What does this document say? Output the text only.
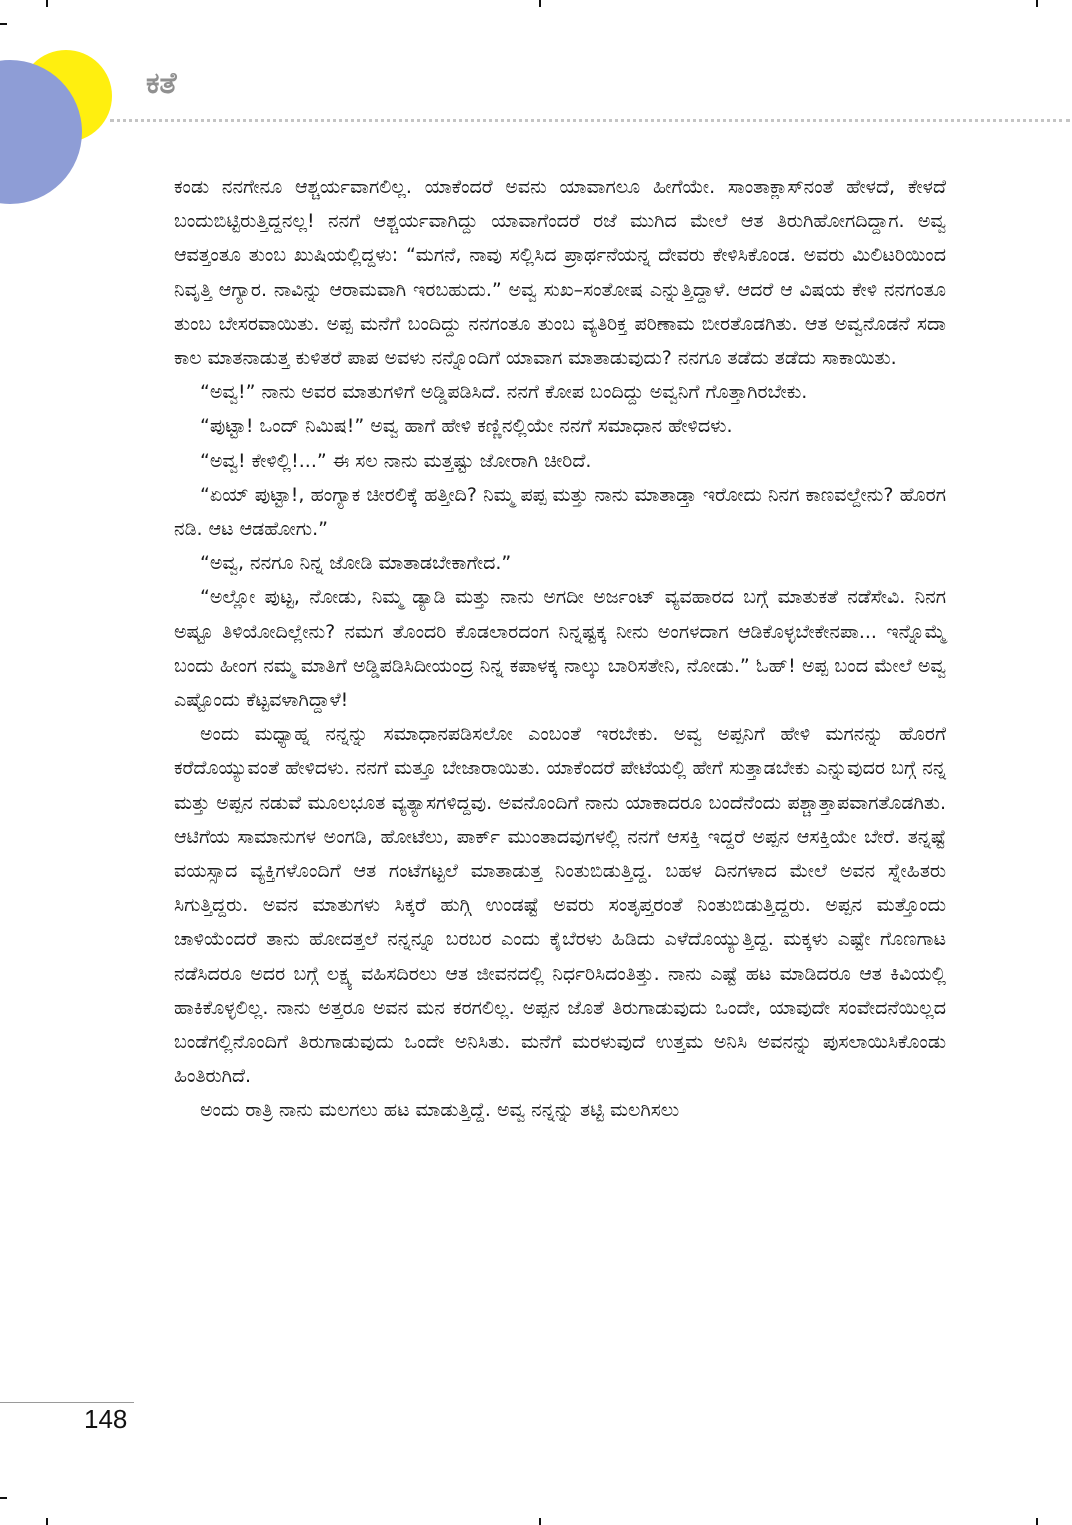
ಕತೆ

ಕಂಡು ನನಗೇನೂ ಆಶ್ಚರ್ಯವಾಗಲಿಲ್ಲ. ಯಾಕೆಂದರೆ ಅವನು ಯಾವಾಗಲೂ ಹೀಗೆಯೇ. ಸಾಂತಾಕ್ಲಾಸ್‌ನಂತೆ ಹೇಳದೆ, ಕೇಳದೆ ಬಂದುಬಿಟ್ಟಿರುತ್ತಿದ್ದನಲ್ಲ! ನನಗೆ ಆಶ್ಚರ್ಯವಾಗಿದ್ದು ಯಾವಾಗೆಂದರೆ ರಜೆ ಮುಗಿದ ಮೇಲೆ ಆತ ತಿರುಗಿಹೋಗದಿದ್ದಾಗ. ಅವ್ವ ಆವತ್ತಂತೂ ತುಂಬ ಖುಷಿಯಲ್ಲಿದ್ದಳು: “ಮಗನೆ, ನಾವು ಸಲ್ಲಿಸಿದ ಪ್ರಾರ್ಥನೆಯನ್ನ ದೇವರು ಕೇಳಿಸಿಕೊಂಡ. ಅವರು ಮಿಲಿಟರಿಯಿಂದ ನಿವೃತ್ತಿ ಆಗ್ಯಾರ. ನಾವಿನ್ನು ಆರಾಮವಾಗಿ ಇರಬಹುದು.” ಅವ್ವ ಸುಖ–ಸಂತೋಷ ಎನ್ನುತ್ತಿದ್ದಾಳೆ. ಆದರೆ ಆ ವಿಷಯ ಕೇಳಿ ನನಗಂತೂ ತುಂಬ ಬೇಸರವಾಯಿತು. ಅಪ್ಪ ಮನೆಗೆ ಬಂದಿದ್ದು ನನಗಂತೂ ತುಂಬ ವ್ಯತಿರಿಕ್ತ ಪರಿಣಾಮ ಬೀರತೊಡಗಿತು. ಆತ ಅವ್ವನೊಡನೆ ಸದಾ ಕಾಲ ಮಾತನಾಡುತ್ತ ಕುಳಿತರೆ ಪಾಪ ಅವಳು ನನ್ನೊಂದಿಗೆ ಯಾವಾಗ ಮಾತಾಡುವುದು? ನನಗೂ ತಡೆದು ತಡೆದು ಸಾಕಾಯಿತು.

“ಅವ್ವ!” ನಾನು ಅವರ ಮಾತುಗಳಿಗೆ ಅಡ್ಡಿಪಡಿಸಿದೆ. ನನಗೆ ಕೋಪ ಬಂದಿದ್ದು ಅವ್ವನಿಗೆ ಗೊತ್ತಾಗಿರಬೇಕು.

“ಪುಟ್ಟಾ! ಒಂದ್ ನಿಮಿಷ!” ಅವ್ವ ಹಾಗೆ ಹೇಳಿ ಕಣ್ಣಿನಲ್ಲಿಯೇ ನನಗೆ ಸಮಾಧಾನ ಹೇಳಿದಳು.

“ಅವ್ವ! ಕೇಳಿಲ್ಲಿ!...” ಈ ಸಲ ನಾನು ಮತ್ತಷ್ಟು ಜೋರಾಗಿ ಚೀರಿದೆ.

“ಏಯ್ ಪುಟ್ಟಾ!, ಹಂಗ್ಯಾಕ ಚೀರಲಿಕ್ಕೆ ಹತ್ತೀದಿ? ನಿಮ್ಮ ಪಪ್ಪ ಮತ್ತು ನಾನು ಮಾತಾಡ್ತಾ ಇರೋದು ನಿನಗ ಕಾಣವಲ್ದೇನು? ಹೊರಗ ನಡಿ. ಆಟ ಆಡಹೋಗು.”

“ಅವ್ವ, ನನಗೂ ನಿನ್ನ ಜೋಡಿ ಮಾತಾಡಬೇಕಾಗೇದ.”

“ಅಲ್ಲೋ ಪುಟ್ಟ, ನೋಡು, ನಿಮ್ಮ ಡ್ಯಾಡಿ ಮತ್ತು ನಾನು ಅಗದೀ ಅರ್ಜಂಟ್ ವ್ಯವಹಾರದ ಬಗ್ಗೆ ಮಾತುಕತೆ ನಡೆಸೇವಿ. ನಿನಗ ಅಷ್ಟೂ ತಿಳಿಯೋದಿಲ್ಲೇನು? ನಮಗ ತೊಂದರಿ ಕೊಡಲಾರದಂಗ ನಿನ್ನಷ್ಟಕ್ಕ ನೀನು ಅಂಗಳದಾಗ ಆಡಿಕೊಳ್ಳಬೇಕೇನಪಾ... ಇನ್ನೊಮ್ಮೆ ಬಂದು ಹೀಂಗ ನಮ್ಮ ಮಾತಿಗೆ ಅಡ್ಡಿಪಡಿಸಿದೀಯಂದ್ರ ನಿನ್ನ ಕಪಾಳಕ್ಕ ನಾಲ್ಕು ಬಾರಿಸತೇನಿ, ನೋಡು.” ಓಹ್! ಅಪ್ಪ ಬಂದ ಮೇಲೆ ಅವ್ವ ಎಷ್ಟೊಂದು ಕೆಟ್ಟವಳಾಗಿದ್ದಾಳೆ!

ಅಂದು ಮಧ್ಯಾಹ್ನ ನನ್ನನ್ನು ಸಮಾಧಾನಪಡಿಸಲೋ ಎಂಬಂತೆ ಇರಬೇಕು. ಅವ್ವ ಅಪ್ಪನಿಗೆ ಹೇಳಿ ಮಗನನ್ನು ಹೊರಗೆ ಕರೆದೊಯ್ಯುವಂತೆ ಹೇಳಿದಳು. ನನಗೆ ಮತ್ತೂ ಬೇಜಾರಾಯಿತು. ಯಾಕೆಂದರೆ ಪೇಟೆಯಲ್ಲಿ ಹೇಗೆ ಸುತ್ತಾಡಬೇಕು ಎನ್ನುವುದರ ಬಗ್ಗೆ ನನ್ನ ಮತ್ತು ಅಪ್ಪನ ನಡುವೆ ಮೂಲಭೂತ ವ್ಯತ್ಯಾಸಗಳಿದ್ದವು. ಅವನೊಂದಿಗೆ ನಾನು ಯಾಕಾದರೂ ಬಂದೆನೆಂದು ಪಶ್ಚಾತ್ತಾಪವಾಗತೊಡಗಿತು. ಆಟಿಗೆಯ ಸಾಮಾನುಗಳ ಅಂಗಡಿ, ಹೋಟೆಲು, ಪಾರ್ಕ್ ಮುಂತಾದವುಗಳಲ್ಲಿ ನನಗೆ ಆಸಕ್ತಿ ಇದ್ದರೆ ಅಪ್ಪನ ಆಸಕ್ತಿಯೇ ಬೇರೆ. ತನ್ನಷ್ಟೆ ವಯಸ್ಸಾದ ವ್ಯಕ್ತಿಗಳೊಂದಿಗೆ ಆತ ಗಂಟೆಗಟ್ಟಲೆ ಮಾತಾಡುತ್ತ ನಿಂತುಬಿಡುತ್ತಿದ್ದ. ಬಹಳ ದಿನಗಳಾದ ಮೇಲೆ ಅವನ ಸ್ನೇಹಿತರು ಸಿಗುತ್ತಿದ್ದರು. ಅವನ ಮಾತುಗಳು ಸಿಕ್ಕರೆ ಹುಗ್ಗಿ ಉಂಡಷ್ಟೆ ಅವರು ಸಂತೃಪ್ತರಂತೆ ನಿಂತುಬಿಡುತ್ತಿದ್ದರು. ಅಪ್ಪನ ಮತ್ತೊಂದು ಚಾಳಿಯೆಂದರೆ ತಾನು ಹೋದತ್ತಲೆ ನನ್ನನ್ನೂ ಬರಬರ ಎಂದು ಕೈಬೆರಳು ಹಿಡಿದು ಎಳೆದೊಯ್ಯುತ್ತಿದ್ದ. ಮಕ್ಕಳು ಎಷ್ಟೇ ಗೊಣಗಾಟ ನಡೆಸಿದರೂ ಅದರ ಬಗ್ಗೆ ಲಕ್ಷ್ಯ ವಹಿಸದಿರಲು ಆತ ಜೀವನದಲ್ಲಿ ನಿರ್ಧರಿಸಿದಂತಿತ್ತು. ನಾನು ಎಷ್ಟೆ ಹಟ ಮಾಡಿದರೂ ಆತ ಕಿವಿಯಲ್ಲಿ ಹಾಕಿಕೊಳ್ಳಲಿಲ್ಲ. ನಾನು ಅತ್ತರೂ ಅವನ ಮನ ಕರಗಲಿಲ್ಲ. ಅಪ್ಪನ ಜೊತೆ ತಿರುಗಾಡುವುದು ಒಂದೇ, ಯಾವುದೇ ಸಂವೇದನೆಯಿಲ್ಲದ ಬಂಡೆಗಲ್ಲಿನೊಂದಿಗೆ ತಿರುಗಾಡುವುದು ಒಂದೇ ಅನಿಸಿತು. ಮನೆಗೆ ಮರಳುವುದೆ ಉತ್ತಮ ಅನಿಸಿ ಅವನನ್ನು ಪುಸಲಾಯಿಸಿಕೊಂಡು ಹಿಂತಿರುಗಿದೆ.

ಅಂದು ರಾತ್ರಿ ನಾನು ಮಲಗಲು ಹಟ ಮಾಡುತ್ತಿದ್ದೆ. ಅವ್ವ ನನ್ನನ್ನು ತಟ್ಟಿ ಮಲಗಿಸಲು

148
